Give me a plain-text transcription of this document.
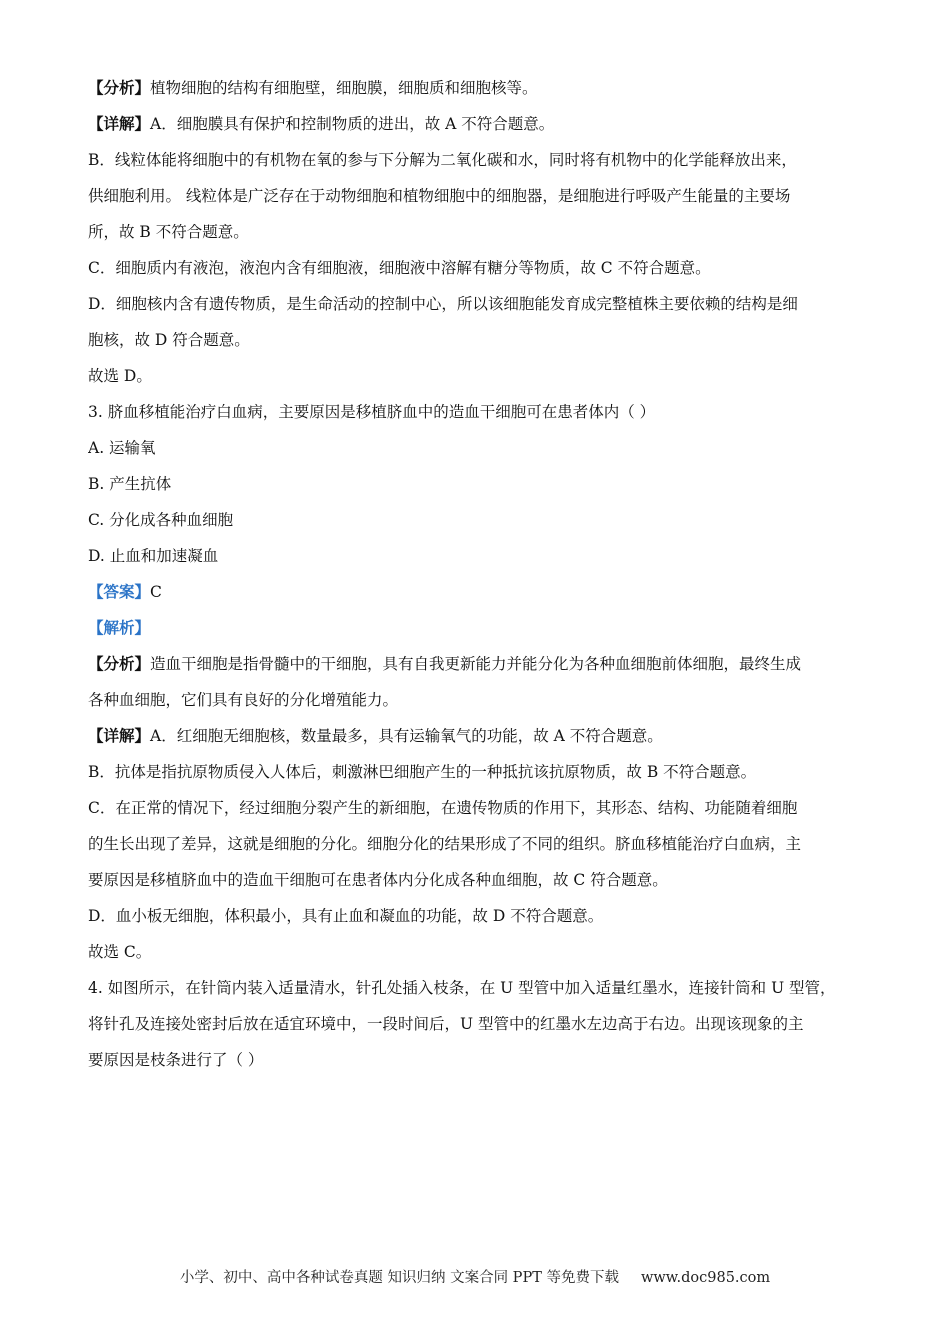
【分析】植物细胞的结构有细胞壁，细胞膜，细胞质和细胞核等。
【详解】A．细胞膜具有保护和控制物质的进出，故 A 不符合题意。
B．线粒体能将细胞中的有机物在氧的参与下分解为二氧化碳和水，同时将有机物中的化学能释放出来，
供细胞利用。 线粒体是广泛存在于动物细胞和植物细胞中的细胞器，是细胞进行呼吸产生能量的主要场
所，故 B 不符合题意。
C．细胞质内有液泡，液泡内含有细胞液，细胞液中溶解有糖分等物质，故 C 不符合题意。
D．细胞核内含有遗传物质，是生命活动的控制中心，所以该细胞能发育成完整植株主要依赖的结构是细
胞核，故 D 符合题意。
故选 D。
3. 脐血移植能治疗白血病，主要原因是移植脐血中的造血干细胞可在患者体内（ ）
A. 运输氧
B. 产生抗体
C. 分化成各种血细胞
D. 止血和加速凝血
【答案】C
【解析】
【分析】造血干细胞是指骨髓中的干细胞，具有自我更新能力并能分化为各种血细胞前体细胞，最终生成
各种血细胞，它们具有良好的分化增殖能力。
【详解】A．红细胞无细胞核，数量最多，具有运输氧气的功能，故 A 不符合题意。
B．抗体是指抗原物质侵入人体后，刺激淋巴细胞产生的一种抵抗该抗原物质，故 B 不符合题意。
C．在正常的情况下，经过细胞分裂产生的新细胞，在遗传物质的作用下，其形态、结构、功能随着细胞
的生长出现了差异，这就是细胞的分化。细胞分化的结果形成了不同的组织。脐血移植能治疗白血病，主
要原因是移植脐血中的造血干细胞可在患者体内分化成各种血细胞，故 C 符合题意。
D．血小板无细胞，体积最小，具有止血和凝血的功能，故 D 不符合题意。
故选 C。
4. 如图所示，在针筒内装入适量清水，针孔处插入枝条，在 U 型管中加入适量红墨水，连接针筒和 U 型管，
将针孔及连接处密封后放在适宜环境中，一段时间后，U 型管中的红墨水左边高于右边。出现该现象的主
要原因是枝条进行了（ ）
小学、初中、高中各种试卷真题 知识归纳 文案合同 PPT 等免费下载 www.doc985.com
